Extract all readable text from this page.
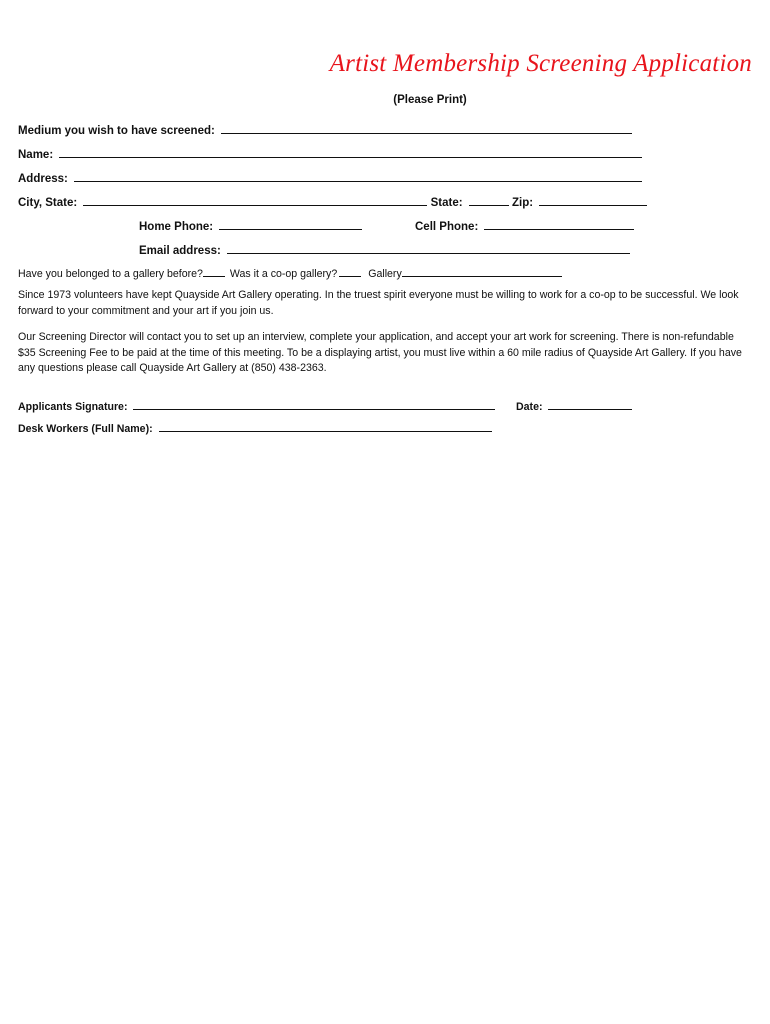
Artist Membership Screening Application
(Please Print)
Medium you wish to have screened:
Name:
Address:
City, State:	State:	Zip:
Home Phone:	Cell Phone:
Email address:
Have you belonged to a gallery before?	Was it a co-op gallery?	Gallery
Since 1973 volunteers have kept Quayside Art Gallery operating. In the truest spirit everyone must be willing to work for a co-op to be successful. We look forward to your commitment and your art if you join us.
Our Screening Director will contact you to set up an interview, complete your application, and accept your art work for screening. There is non-refundable $35 Screening Fee to be paid at the time of this meeting. To be a displaying artist, you must live within a 60 mile radius of Quayside Art Gallery. If you have any questions please call Quayside Art Gallery at (850) 438-2363.
Applicants Signature:	Date:
Desk Workers (Full Name):
